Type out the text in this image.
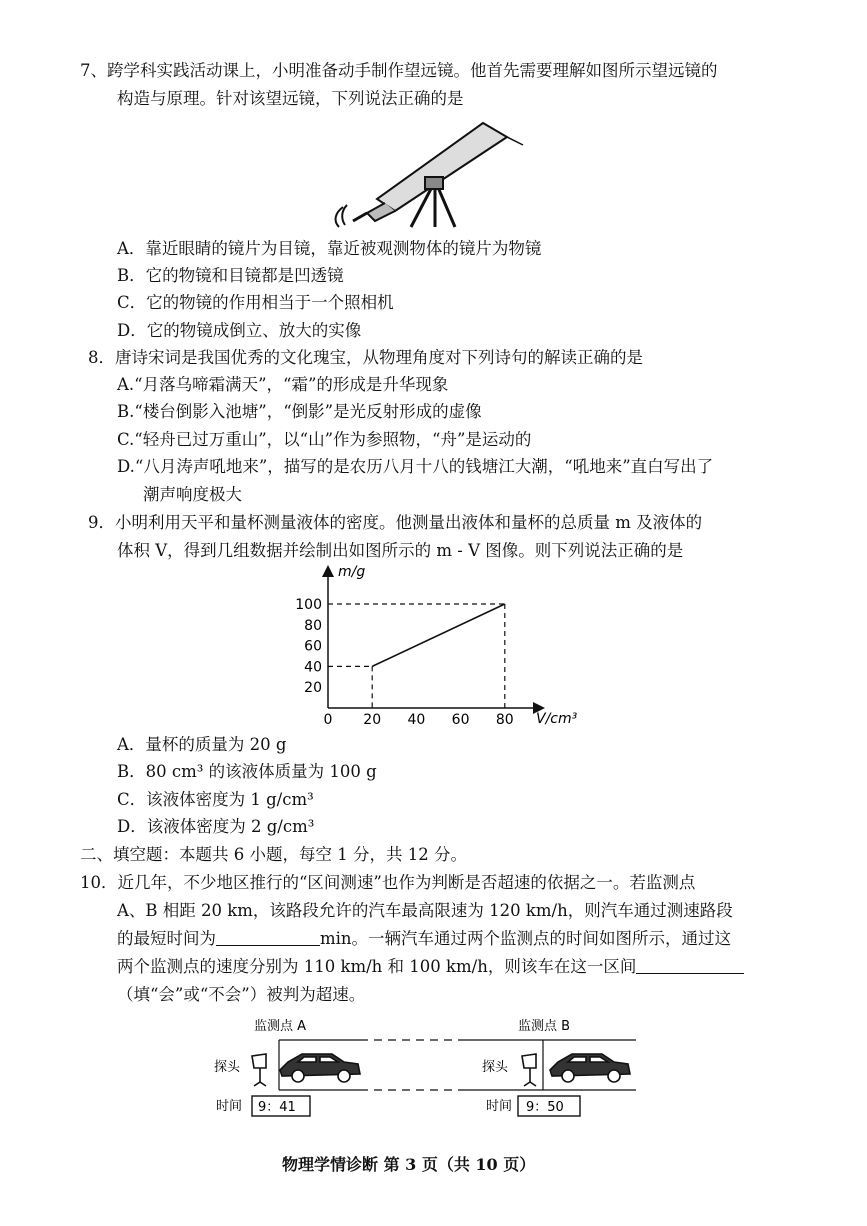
7、跨学科实践活动课上，小明准备动手制作望远镜。他首先需要理解如图所示望远镜的
构造与原理。针对该望远镜，下列说法正确的是
A．靠近眼睛的镜片为目镜，靠近被观测物体的镜片为物镜
B．它的物镜和目镜都是凹透镜
C．它的物镜的作用相当于一个照相机
D．它的物镜成倒立、放大的实像
8．唐诗宋词是我国优秀的文化瑰宝，从物理角度对下列诗句的解读正确的是
A.“月落乌啼霜满天”，“霜”的形成是升华现象
B.“楼台倒影入池塘”，“倒影”是光反射形成的虚像
C.“轻舟已过万重山”，以“山”作为参照物，“舟”是运动的
D.“八月涛声吼地来”，描写的是农历八月十八的钱塘江大潮，“吼地来”直白写出了
潮声响度极大
9．小明利用天平和量杯测量液体的密度。他测量出液体和量杯的总质量 m 及液体的
体积 V，得到几组数据并绘制出如图所示的 m - V 图像。则下列说法正确的是
m/g
V/cm³
0 20 40 60 80
20
40
60
80
100
A．量杯的质量为 20 g
B．80 cm³ 的该液体质量为 100 g
C．该液体密度为 1 g/cm³
D．该液体密度为 2 g/cm³
二、填空题：本题共 6 小题，每空 1 分，共 12 分。
10．近几年，不少地区推行的“区间测速”也作为判断是否超速的依据之一。若监测点
A、B 相距 20 km，该路段允许的汽车最高限速为 120 km/h，则汽车通过测速路段
的最短时间为	min。一辆汽车通过两个监测点的时间如图所示，通过这
两个监测点的速度分别为 110 km/h 和 100 km/h，则该车在这一区间
（填“会”或“不会”）被判为超速。
监测点 A	监测点 B
探头	探头
时间 9：41	时间 9：50
物理学情诊断 第 3 页（共 10 页）
